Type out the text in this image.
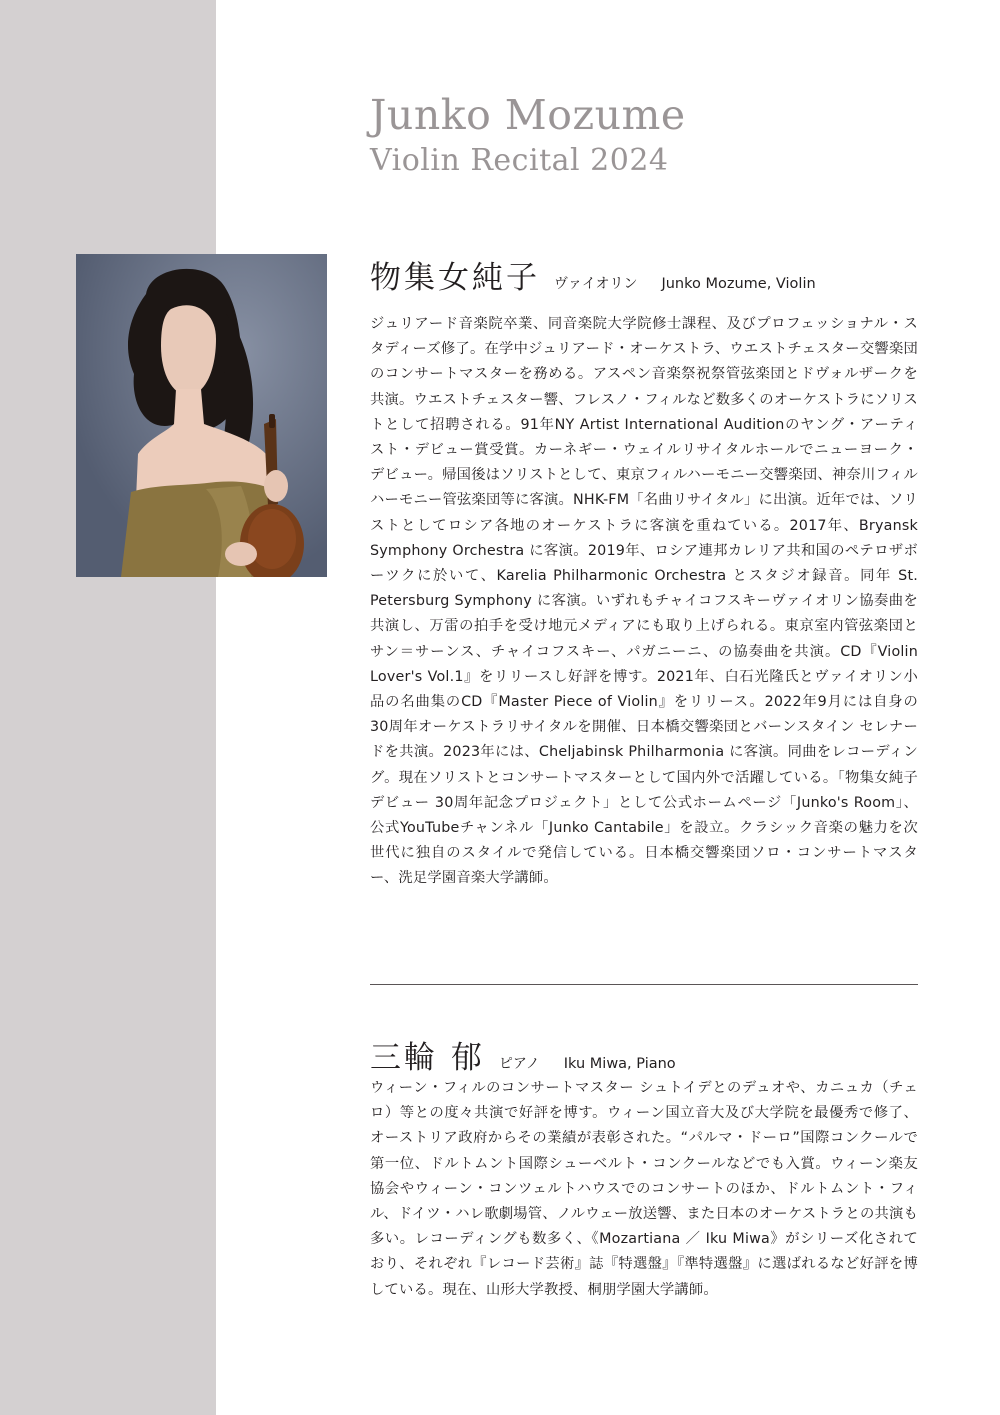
Junko Mozume
Violin Recital 2024
物集女純子 ヴァイオリン Junko Mozume, Violin
ジュリアード音楽院卒業、同音楽院大学院修士課程、及びプロフェッショナル・スタディーズ修了。在学中ジュリアード・オーケストラ、ウエストチェスター交響楽団のコンサートマスターを務める。アスペン音楽祭祝祭管弦楽団とドヴォルザークを共演。ウエストチェスター響、フレスノ・フィルなど数多くのオーケストラにソリストとして招聘される。91年NY Artist International Auditionのヤング・アーティスト・デビュー賞受賞。カーネギー・ウェイルリサイタルホールでニューヨーク・デビュー。帰国後はソリストとして、東京フィルハーモニー交響楽団、神奈川フィルハーモニー管弦楽団等に客演。NHK-FM「名曲リサイタル」に出演。近年では、ソリストとしてロシア各地のオーケストラに客演を重ねている。2017年、Bryansk Symphony Orchestra に客演。2019年、ロシア連邦カレリア共和国のペテロザボーツクに於いて、Karelia Philharmonic Orchestra とスタジオ録音。同年 St. Petersburg Symphony に客演。いずれもチャイコフスキーヴァイオリン協奏曲を共演し、万雷の拍手を受け地元メディアにも取り上げられる。東京室内管弦楽団とサン＝サーンス、チャイコフスキー、パガニーニ、の協奏曲を共演。CD『Violin Lover's Vol.1』をリリースし好評を博す。2021年、白石光隆氏とヴァイオリン小品の名曲集のCD『Master Piece of Violin』をリリース。2022年9月には自身の30周年オーケストラリサイタルを開催、日本橋交響楽団とバーンスタイン セレナードを共演。2023年には、Cheljabinsk Philharmonia に客演。同曲をレコーディング。現在ソリストとコンサートマスターとして国内外で活躍している。「物集女純子デビュー 30周年記念プロジェクト」として公式ホームページ「Junko's Room」、公式YouTubeチャンネル「Junko Cantabile」を設立。クラシック音楽の魅力を次世代に独自のスタイルで発信している。日本橋交響楽団ソロ・コンサートマスター、洗足学園音楽大学講師。
三輪 郁 ピアノ Iku Miwa, Piano
ウィーン・フィルのコンサートマスター シュトイデとのデュオや、カニュカ（チェロ）等との度々共演で好評を博す。ウィーン国立音大及び大学院を最優秀で修了、オーストリア政府からその業績が表彰された。“パルマ・ドーロ”国際コンクールで第一位、ドルトムント国際シューベルト・コンクールなどでも入賞。ウィーン楽友協会やウィーン・コンツェルトハウスでのコンサートのほか、ドルトムント・フィル、ドイツ・ハレ歌劇場管、ノルウェー放送響、また日本のオーケストラとの共演も多い。レコーディングも数多く、《Mozartiana ／ Iku Miwa》がシリーズ化されており、それぞれ『レコード芸術』誌『特選盤』『準特選盤』に選ばれるなど好評を博している。現在、山形大学教授、桐朋学園大学講師。
